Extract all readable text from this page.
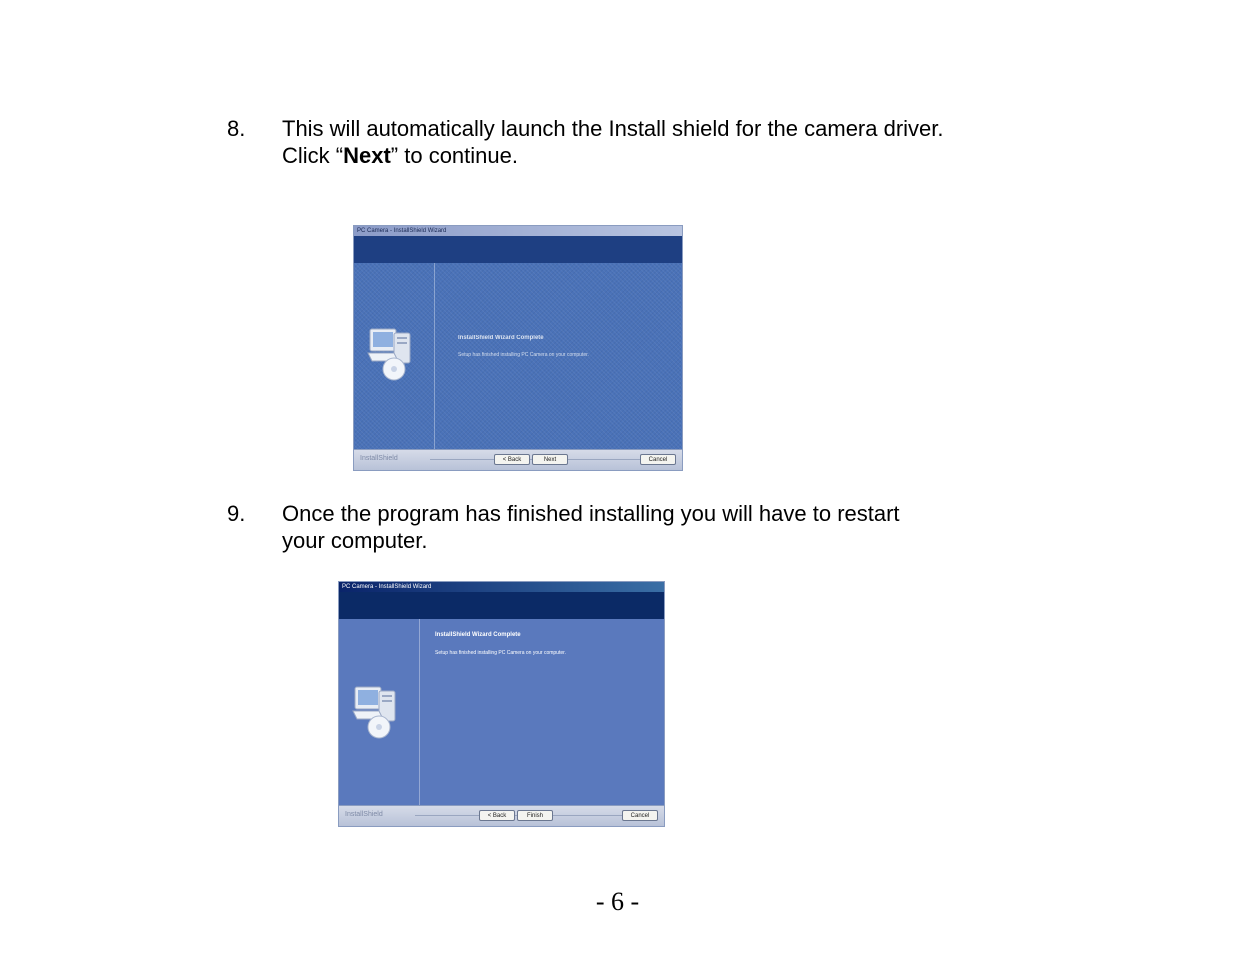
8. This will automatically launch the Install shield for the camera driver.
Click “Next” to continue.
PC Camera - InstallShield Wizard
InstallShield Wizard Complete
Setup has finished installing PC Camera on your computer.
InstallShield	< Back	Next	Cancel
9. Once the program has finished installing you will have to restart
your computer.
PC Camera - InstallShield Wizard
InstallShield Wizard Complete
Setup has finished installing PC Camera on your computer.
InstallShield	< Back	Finish	Cancel
- 6 -
